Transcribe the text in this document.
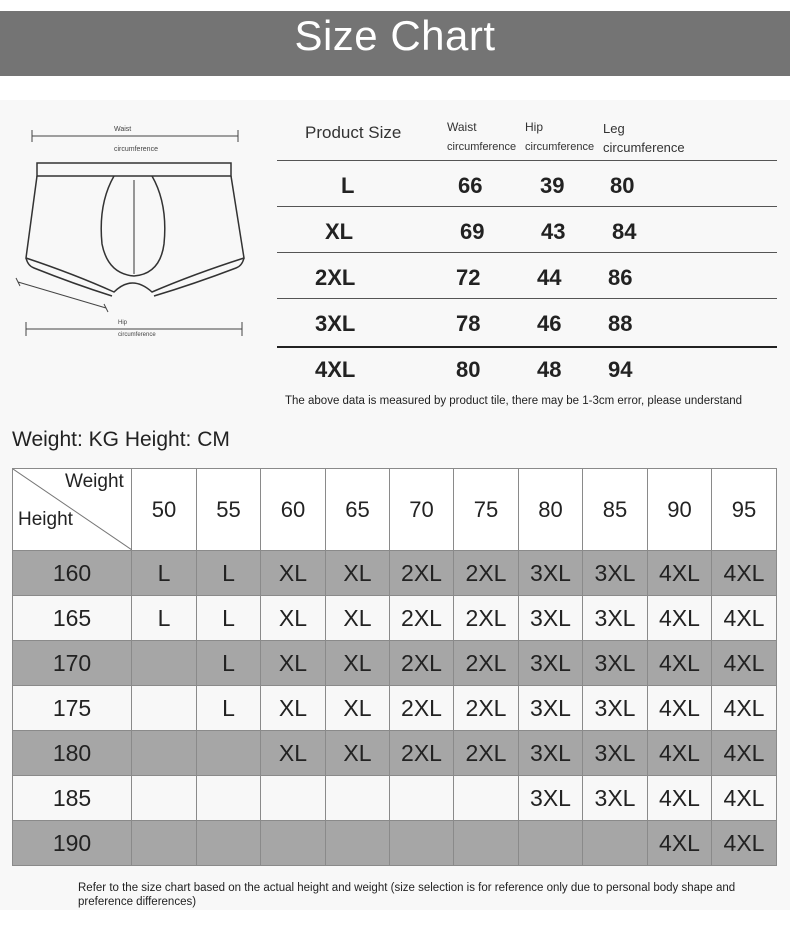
Size Chart
Waist
circumference
Hip
circumference
Product Size	Waist
circumference
Hip
circumference
Leg
circumference
L	66	39 80
XL	69	43 84
2XL	72	44 86
3XL	78	46 88
4XL	80	48 94
The above data is measured by product tile, there may be 1-3cm error, please understand
Weight: KG Height: CM
Weight
Height	50	55	60	65	70	75	80	85	90	95
160	L	L	XL	XL	2XL	2XL	3XL	3XL	4XL	4XL
165	L	L	XL	XL	2XL	2XL	3XL	3XL	4XL	4XL
170		L	XL	XL	2XL	2XL	3XL	3XL	4XL	4XL
175		L	XL	XL	2XL	2XL	3XL	3XL	4XL	4XL
180			XL	XL	2XL	2XL	3XL	3XL	4XL	4XL
185							3XL	3XL	4XL	4XL
190									4XL	4XL
Refer to the size chart based on the actual height and weight (size selection is for reference only due to personal body shape and preference differences)
